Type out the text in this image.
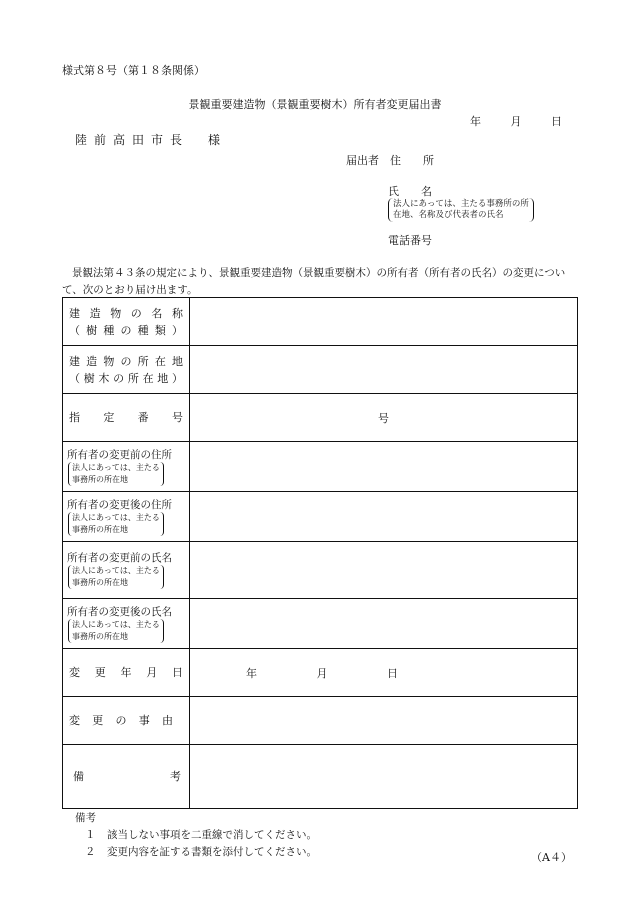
様式第８号（第１８条関係）
景観重要建造物（景観重要樹木）所有者変更届出書
年	月	日
陸前高田市長　様
届出者　住　　所
氏　　名
法人にあっては、主たる事務所の所
在地、名称及び代表者の氏名
電話番号
景観法第４３条の規定により、景観重要建造物（景観重要樹木）の所有者（所有者の氏名）の変更について、次のとおり届け出ます。
建造物の名称
（樹種の種類）	

建造物の所在地
（樹木の所在地）	

指定番号	号

所有者の変更前の住所
法人にあっては、主たる
事務所の所在地	

所有者の変更後の住所
法人にあっては、主たる
事務所の所在地	

所有者の変更前の氏名
法人にあっては、主たる
事務所の所在地	

所有者の変更後の氏名
法人にあっては、主たる
事務所の所在地	

変更年月日	年 月 日

変更の事由	

備考	

備考
１ 該当しない事項を二重線で消してください。
２ 変更内容を証する書類を添付してください。	（A４）
